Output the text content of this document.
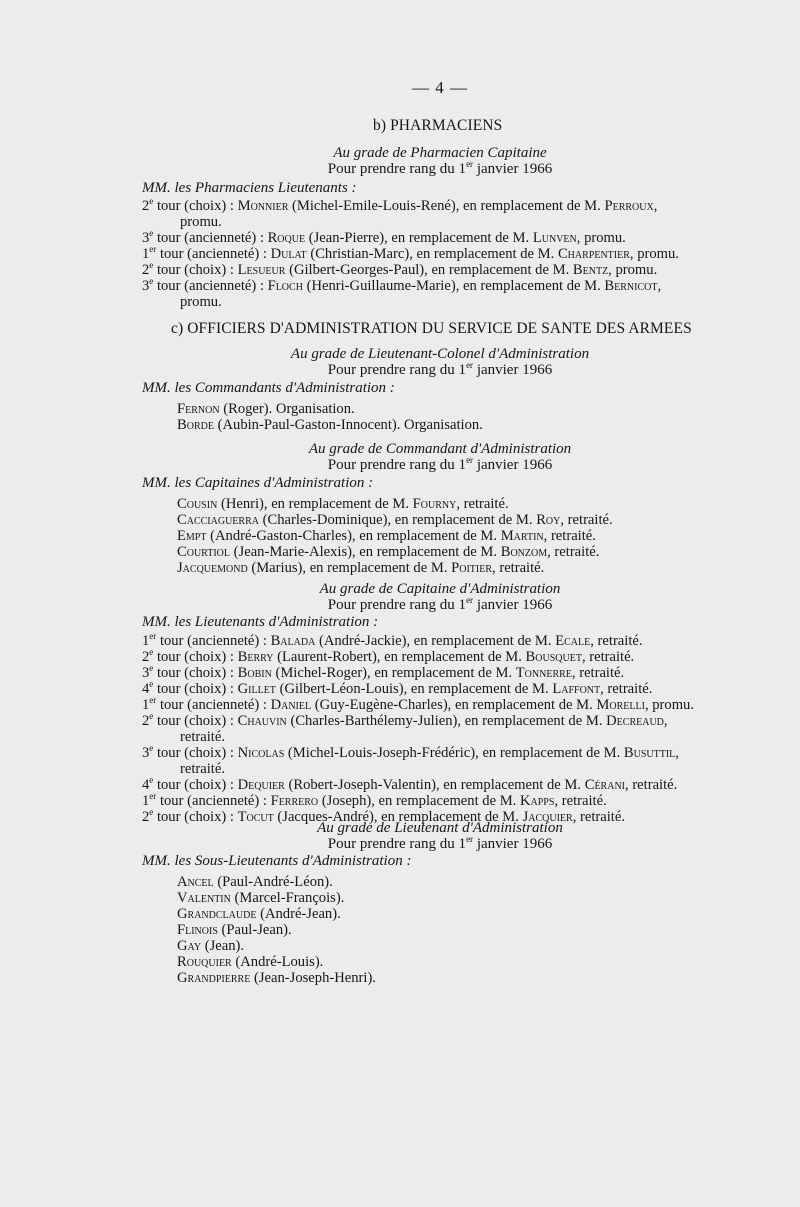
— 4 —
b) PHARMACIENS
Au grade de Pharmacien Capitaine
Pour prendre rang du 1er janvier 1966
MM. les Pharmaciens Lieutenants :
2e tour (choix) : Monnier (Michel-Emile-Louis-René), en remplacement de M. Perroux,
promu.
3e tour (ancienneté) : Roque (Jean-Pierre), en remplacement de M. Lunven, promu.
1er tour (ancienneté) : Dulat (Christian-Marc), en remplacement de M. Charpentier, promu.
2e tour (choix) : Lesueur (Gilbert-Georges-Paul), en remplacement de M. Bentz, promu.
3e tour (ancienneté) : Floch (Henri-Guillaume-Marie), en remplacement de M. Bernicot,
promu.
c) OFFICIERS D'ADMINISTRATION DU SERVICE DE SANTE DES ARMEES
Au grade de Lieutenant-Colonel d'Administration
Pour prendre rang du 1er janvier 1966
MM. les Commandants d'Administration :
Fernon (Roger). Organisation.
Borde (Aubin-Paul-Gaston-Innocent). Organisation.
Au grade de Commandant d'Administration
Pour prendre rang du 1er janvier 1966
MM. les Capitaines d'Administration :
Cousin (Henri), en remplacement de M. Fourny, retraité.
Cacciaguerra (Charles-Dominique), en remplacement de M. Roy, retraité.
Empt (André-Gaston-Charles), en remplacement de M. Martin, retraité.
Courtiol (Jean-Marie-Alexis), en remplacement de M. Bonzom, retraité.
Jacquemond (Marius), en remplacement de M. Poitier, retraité.
Au grade de Capitaine d'Administration
Pour prendre rang du 1er janvier 1966
MM. les Lieutenants d'Administration :
1er tour (ancienneté) : Balada (André-Jackie), en remplacement de M. Ecale, retraité.
2e tour (choix) : Berry (Laurent-Robert), en remplacement de M. Bousquet, retraité.
3e tour (choix) : Bobin (Michel-Roger), en remplacement de M. Tonnerre, retraité.
4e tour (choix) : Gillet (Gilbert-Léon-Louis), en remplacement de M. Laffont, retraité.
1er tour (ancienneté) : Daniel (Guy-Eugène-Charles), en remplacement de M. Morelli, promu.
2e tour (choix) : Chauvin (Charles-Barthélemy-Julien), en remplacement de M. Decreaud,
retraité.
3e tour (choix) : Nicolas (Michel-Louis-Joseph-Frédéric), en remplacement de M. Busuttil,
retraité.
4e tour (choix) : Dequier (Robert-Joseph-Valentin), en remplacement de M. Cérani, retraité.
1er tour (ancienneté) : Ferrero (Joseph), en remplacement de M. Kapps, retraité.
2e tour (choix) : Tocut (Jacques-André), en remplacement de M. Jacquier, retraité.
Au grade de Lieutenant d'Administration
Pour prendre rang du 1er janvier 1966
MM. les Sous-Lieutenants d'Administration :
Ancel (Paul-André-Léon).
Valentin (Marcel-François).
Grandclaude (André-Jean).
Flinois (Paul-Jean).
Gay (Jean).
Rouquier (André-Louis).
Grandpierre (Jean-Joseph-Henri).
